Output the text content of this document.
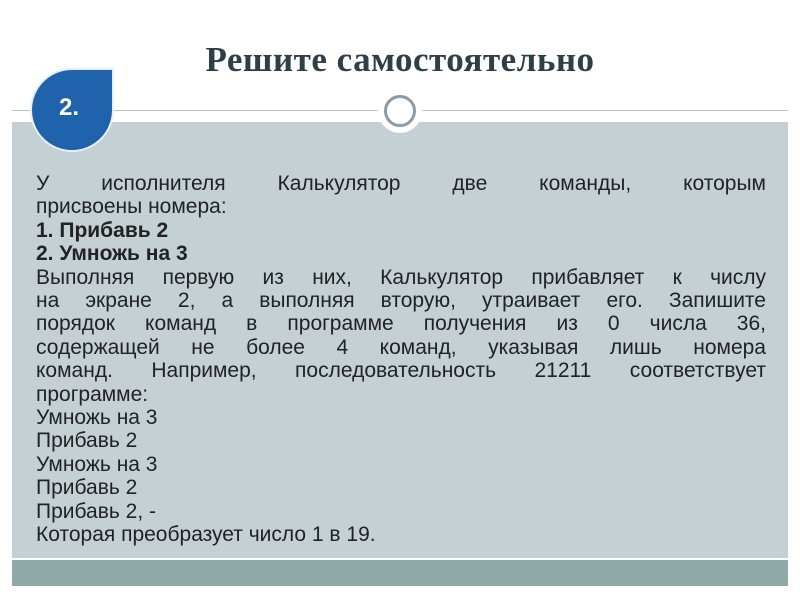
Решите самостоятельно
2.
У исполнителя Калькулятор две команды, которым
присвоены номера:
1. Прибавь 2
2. Умножь на 3
Выполняя первую из них, Калькулятор прибавляет к числу
на экране 2, а выполняя вторую, утраивает его. Запишите
порядок команд в программе получения из 0 числа 36,
содержащей не более 4 команд, указывая лишь номера
команд. Например, последовательность 21211 соответствует
программе:
Умножь на 3
Прибавь 2
Умножь на 3
Прибавь 2
Прибавь 2, -
Которая преобразует число 1 в 19.
